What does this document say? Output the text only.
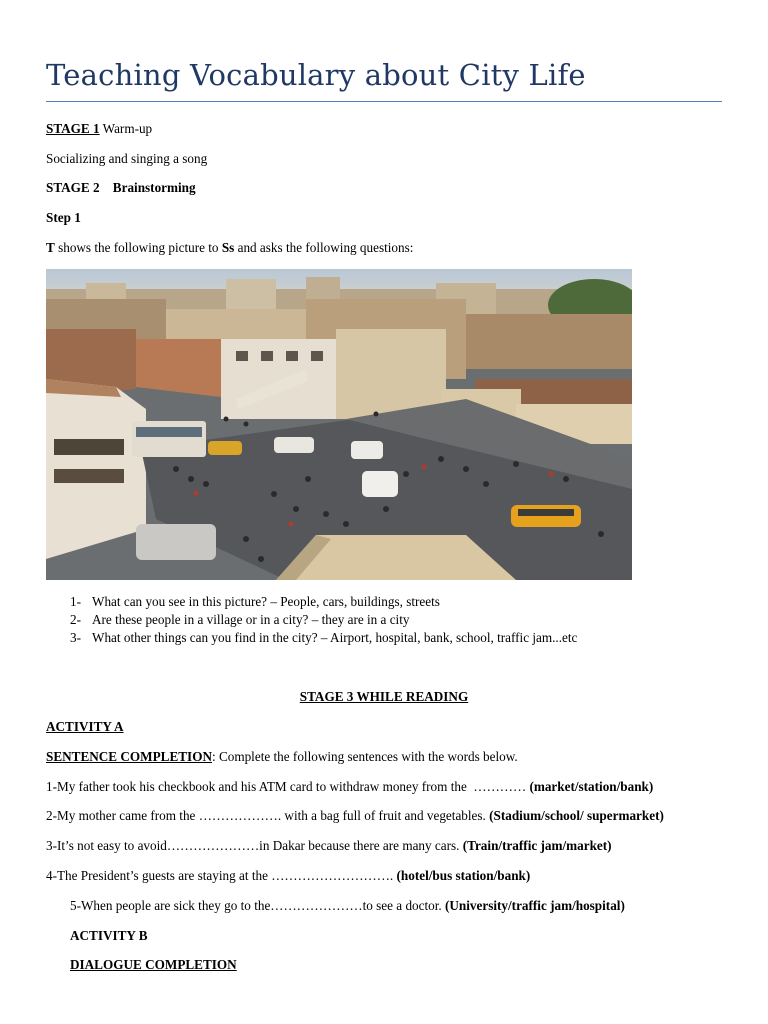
Teaching Vocabulary about City Life
STAGE 1 Warm-up
Socializing and singing a song
STAGE 2    Brainstorming
Step 1
T shows the following picture to Ss and asks the following questions:
1- What can you see in this picture? – People, cars, buildings, streets
2- Are these people in a village or in a city? – they are in a city
3- What other things can you find in the city? – Airport, hospital, bank, school, traffic jam...etc
STAGE 3 WHILE READING
ACTIVITY A
SENTENCE COMPLETION: Complete the following sentences with the words below.
1-My father took his checkbook and his ATM card to withdraw money from the  ………… (market/station/bank)
2-My mother came from the ………………. with a bag full of fruit and vegetables. (Stadium/school/ supermarket)
3-It’s not easy to avoid…………………in Dakar because there are many cars. (Train/traffic jam/market)
4-The President’s guests are staying at the ………………………. (hotel/bus station/bank)
5-When people are sick they go to the…………………to see a doctor. (University/traffic jam/hospital)
ACTIVITY B
DIALOGUE COMPLETION
